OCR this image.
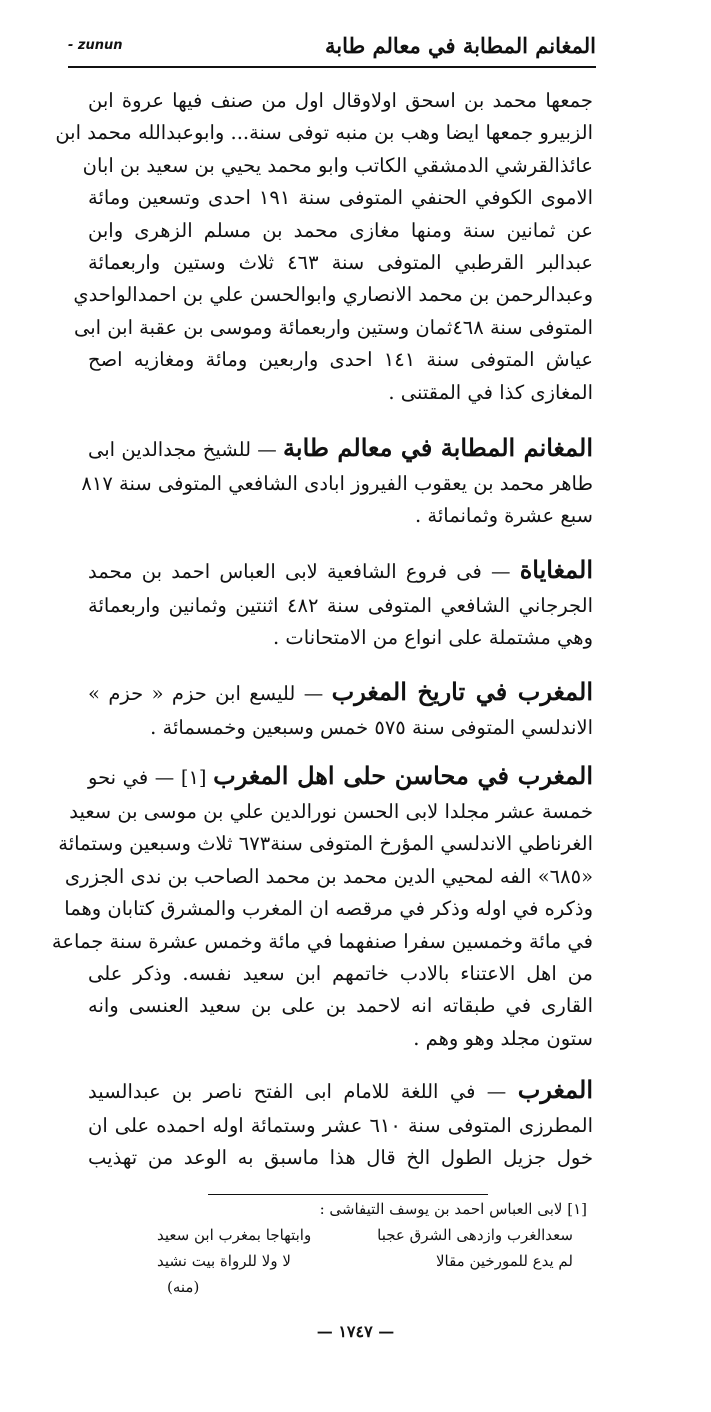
- zunun	المغانم المطابة في معالم طابة
جمعها محمد بن اسحق اولاوقال اول من صنف فيها عروة ابن
الزبيرو جمعها ايضا وهب بن منبه توفى سنة... وابوعبدالله محمد ابن
عائذالقرشي الدمشقي الكاتب وابو محمد يحيي بن سعيد بن ابان
الاموى الكوفي الحنفي المتوفى سنة ١٩١ احدى وتسعين ومائة
عن ثمانين سنة ومنها مغازى محمد بن مسلم الزهرى وابن
عبدالبر القرطبي المتوفى سنة ٤٦٣ ثلاث وستين واربعمائة
وعبدالرحمن بن محمد الانصاري وابوالحسن علي بن احمدالواحدي
المتوفى سنة ٤٦٨ثمان وستين واربعمائة وموسى بن عقبة ابن ابى
عياش المتوفى سنة ١٤١ احدى واربعين ومائة ومغازيه اصح
المغازى كذا في المقتنى .
المغانم المطابة في معالم طابة — للشيخ مجدالدين ابى
طاهر محمد بن يعقوب الفيروز ابادى الشافعي المتوفى سنة ٨١٧
سبع عشرة وثمانمائة .
المغاياة — فى فروع الشافعية لابى العباس احمد بن محمد
الجرجاني الشافعي المتوفى سنة ٤٨٢ اثنتين وثمانين واربعمائة
وهي مشتملة على انواع من الامتحانات .
المغرب في تاريخ المغرب — لليسع ابن حزم « حزم »
الاندلسي المتوفى سنة ٥٧٥ خمس وسبعين وخمسمائة .
المغرب في محاسن حلى اهل المغرب [١] — في نحو
خمسة عشر مجلدا لابى الحسن نورالدين علي بن موسى بن سعيد
الغرناطي الاندلسي المؤرخ المتوفى سنة٦٧٣ ثلاث وسبعين وستمائة
«٦٨٥» الفه لمحيي الدين محمد بن محمد الصاحب بن ندى الجزرى
وذكره في اوله وذكر في مرقصه ان المغرب والمشرق كتابان وهما
في مائة وخمسين سفرا صنفهما في مائة وخمس عشرة سنة جماعة
من اهل الاعتناء بالادب خاتمهم ابن سعيد نفسه. وذكر على
القارى في طبقاته انه لاحمد بن على بن سعيد العنسى وانه
ستون مجلد وهو وهم .
المغرب — في اللغة للامام ابى الفتح ناصر بن عبدالسيد
المطرزى المتوفى سنة ٦١٠ عشر وستمائة اوله احمده على ان
خول جزيل الطول الخ قال هذا ماسبق به الوعد من تهذيب
[١] لابى العباس احمد بن يوسف التيفاشى :
سعدالغرب وازدهى الشرق عجبا
وابتهاجا بمغرب ابن سعيد
لم يدع للمورخين مقالا
لا ولا للرواة بيت نشيد
(منه)
— ١٧٤٧ —
